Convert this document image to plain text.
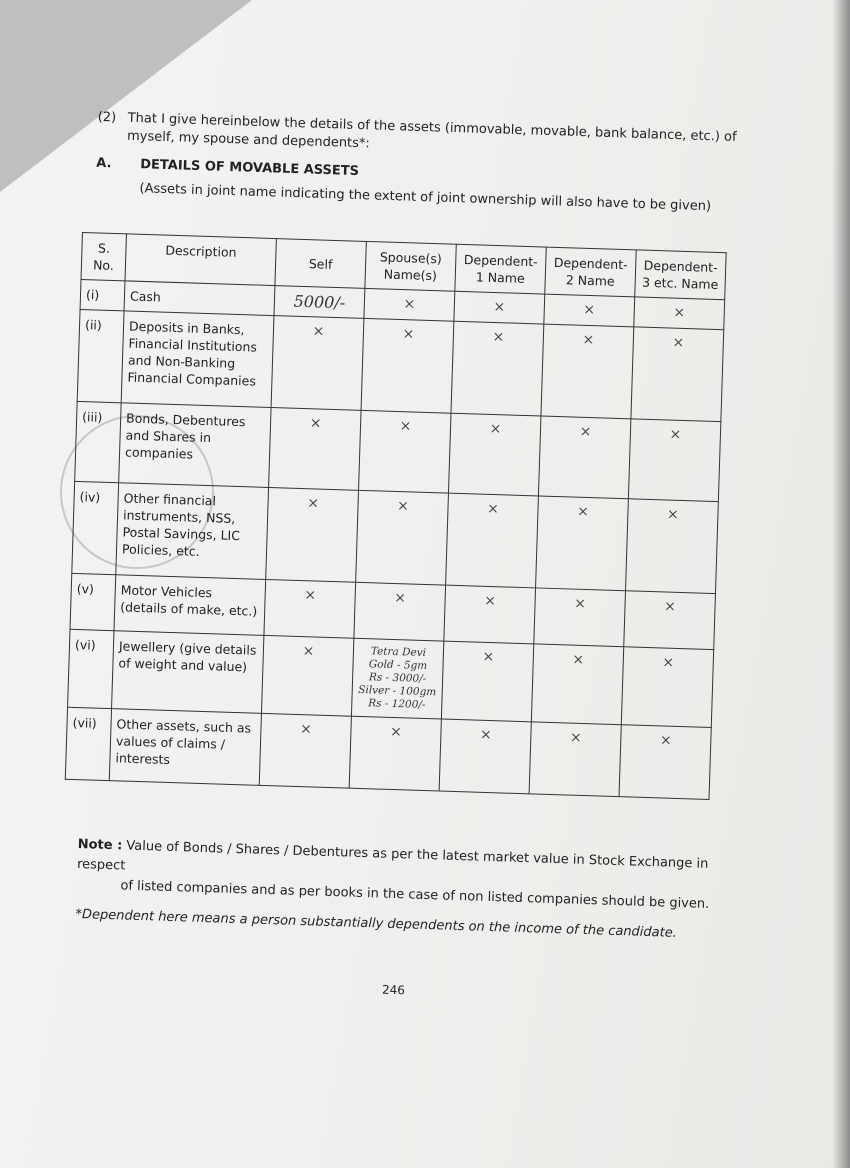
(2) That I give hereinbelow the details of the assets (immovable, movable, bank balance, etc.) of myself, my spouse and dependents*:
A. DETAILS OF MOVABLE ASSETS
(Assets in joint name indicating the extent of joint ownership will also have to be given)
S. No.	Description	Self	Spouse(s) Name(s)	Dependent-1 Name	Dependent-2 Name	Dependent-3 etc. Name
(i)	Cash	5000/-	×	×	×	×
(ii)	Deposits in Banks, Financial Institutions and Non-Banking Financial Companies	×	×	×	×	×
(iii)	Bonds, Debentures and Shares in companies	×	×	×	×	×
(iv)	Other financial instruments, NSS, Postal Savings, LIC Policies, etc.	×	×	×	×	×
(v)	Motor Vehicles (details of make, etc.)	×	×	×	×	×
(vi)	Jewellery (give details of weight and value)	×	Tetra Devi
Gold - 5gm
Rs - 3000/-
Silver - 100gm
Rs - 1200/-	×	×	×
(vii)	Other assets, such as values of claims / interests	×	×	×	×	×
Note : Value of Bonds / Shares / Debentures as per the latest market value in Stock Exchange in respect
of listed companies and as per books in the case of non listed companies should be given.
*Dependent here means a person substantially dependents on the income of the candidate.
246
